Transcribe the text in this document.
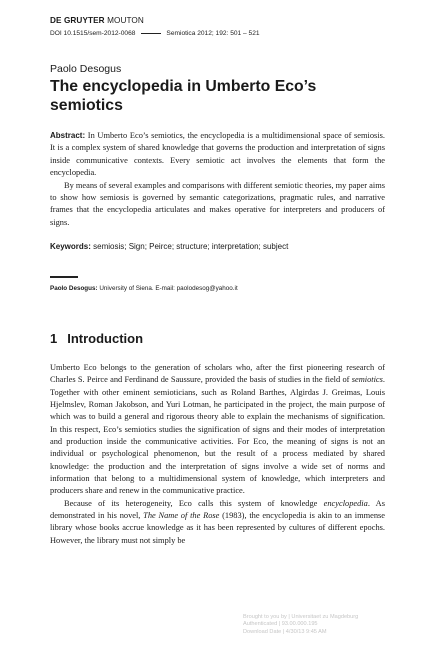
DE GRUYTER MOUTON
DOI 10.1515/sem-2012-0068	Semiotica 2012; 192: 501 – 521
Paolo Desogus
The encyclopedia in Umberto Eco’s semiotics

Abstract: In Umberto Eco’s semiotics, the encyclopedia is a multidimensional space of semiosis. It is a complex system of shared knowledge that governs the production and interpretation of signs inside communicative contexts. Every semiotic act involves the elements that form the encyclopedia.

By means of several examples and comparisons with different semiotic theories, my paper aims to show how semiosis is governed by semantic categorizations, pragmatic rules, and narrative frames that the encyclopedia articulates and makes operative for interpreters and producers of signs.

Keywords: semiosis; Sign; Peirce; structure; interpretation; subject
Paolo Desogus: University of Siena. E-mail: paolodesog@yahoo.it
1 Introduction

Umberto Eco belongs to the generation of scholars who, after the first pioneering research of Charles S. Peirce and Ferdinand de Saussure, provided the basis of studies in the field of semiotics. Together with other eminent semioticians, such as Roland Barthes, Algirdas J. Greimas, Louis Hjelmslev, Roman Jakobson, and Yuri Lotman, he participated in the project, the main purpose of which was to build a general and rigorous theory able to explain the mechanisms of signification. In this respect, Eco’s semiotics studies the signification of signs and their modes of interpretation and production inside the communicative activities. For Eco, the meaning of signs is not an individual or psychological phenomenon, but the result of a process mediated by shared knowledge: the production and the interpretation of signs involve a wide set of norms and information that belong to a multidimensional system of knowledge, which interpreters and producers share and renew in the communicative practice.

Because of its heterogeneity, Eco calls this system of knowledge encyclopedia. As demonstrated in his novel, The Name of the Rose (1983), the encyclopedia is akin to an immense library whose books accrue knowledge as it has been represented by cultures of different epochs. However, the library must not simply be

Brought to you by | Universitaet zu Magdeburg
Authenticated | 93.00.000.195
Download Date | 4/30/13 9:45 AM
